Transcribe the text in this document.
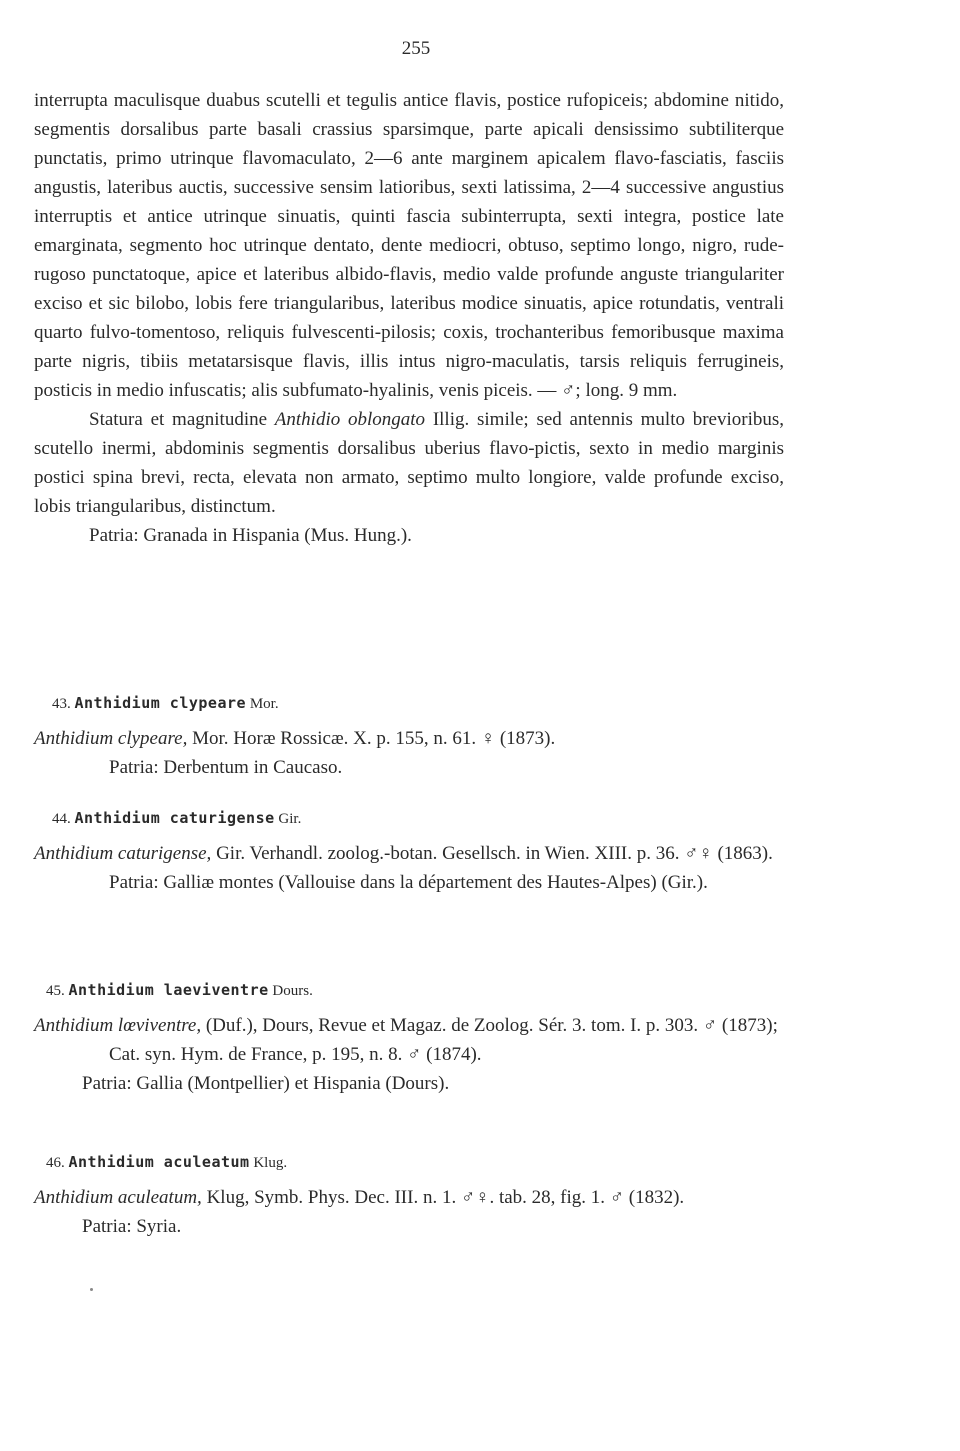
255

interrupta maculisque duabus scutelli et tegulis antice flavis, postice rufopiceis; abdomine nitido, segmentis dorsalibus parte basali crassius sparsimque, parte apicali densissimo subtiliterque punctatis, primo utrinque flavomaculato, 2—6 ante marginem apicalem flavo-fasciatis, fasciis angustis, lateribus auctis, successive sensim latioribus, sexti latissima, 2—4 successive angustius interruptis et antice utrinque sinuatis, quinti fascia subinterrupta, sexti integra, postice late emarginata, segmento hoc utrinque dentato, dente mediocri, obtuso, septimo longo, nigro, rude-rugoso punctatoque, apice et lateribus albido-flavis, medio valde profunde anguste triangulariter exciso et sic bilobo, lobis fere triangularibus, lateribus modice sinuatis, apice rotundatis, ventrali quarto fulvo-tomentoso, reliquis fulvescenti-pilosis; coxis, trochanteribus femoribusque maxima parte nigris, tibiis metatarsisque flavis, illis intus nigro-maculatis, tarsis reliquis ferrugineis, posticis in medio infuscatis; alis subfumato-hyalinis, venis piceis. — ♂; long. 9 mm.

Statura et magnitudine Anthidio oblongato Illig. simile; sed antennis multo brevioribus, scutello inermi, abdominis segmentis dorsalibus uberius flavo-pictis, sexto in medio marginis postici spina brevi, recta, elevata non armato, septimo multo longiore, valde profunde exciso, lobis triangularibus, distinctum.

Patria: Granada in Hispania (Mus. Hung.).

43. Anthidium clypeare Mor.

Anthidium clypeare, Mor. Horæ Rossicæ. X. p. 155, n. 61. ♀ (1873).

Patria: Derbentum in Caucaso.

44. Anthidium caturigense Gir.

Anthidium caturigense, Gir. Verhandl. zoolog.-botan. Gesellsch. in Wien. XIII. p. 36. ♂♀ (1863).

Patria: Galliæ montes (Vallouise dans la département des Hautes-Alpes) (Gir.).

45. Anthidium laeviventre Dours.

Anthidium lœviventre, (Duf.), Dours, Revue et Magaz. de Zoolog. Sér. 3. tom. I. p. 303. ♂ (1873); Cat. syn. Hym. de France, p. 195, n. 8. ♂ (1874).

Patria: Gallia (Montpellier) et Hispania (Dours).

46. Anthidium aculeatum Klug.

Anthidium aculeatum, Klug, Symb. Phys. Dec. III. n. 1. ♂♀. tab. 28, fig. 1. ♂ (1832).

Patria: Syria.
